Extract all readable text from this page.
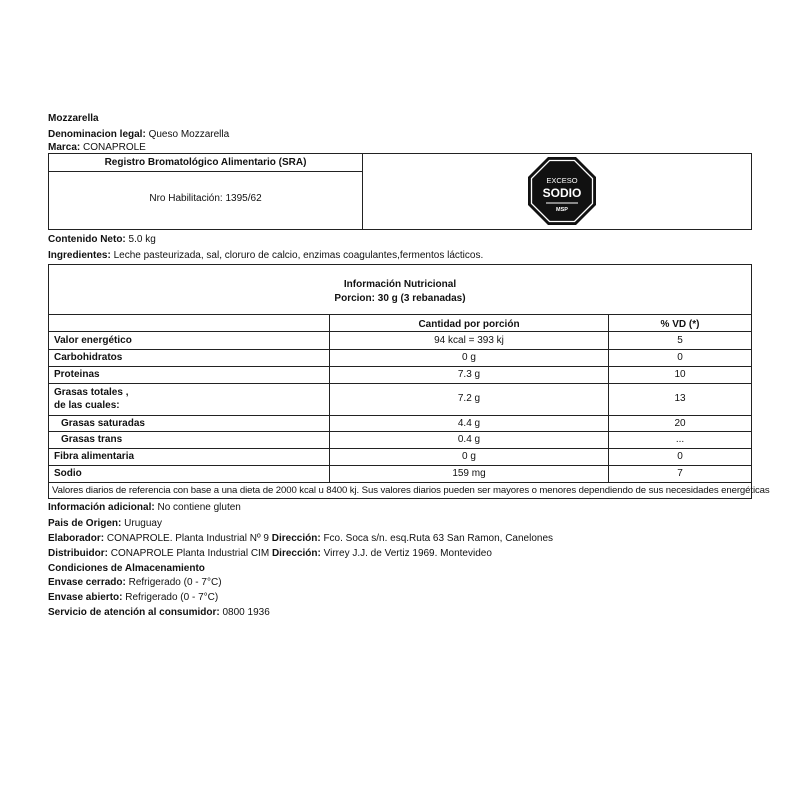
Mozzarella
Denominacion legal: Queso Mozzarella
Marca: CONAPROLE
Registro Bromatológico Alimentario (SRA)
Nro Habilitación: 1395/62
EXCESO
SODIO
MSP
Contenido Neto: 5.0 kg
Ingredientes: Leche pasteurizada, sal, cloruro de calcio, enzimas coagulantes,fermentos lácticos.
Información Nutricional
Porcion: 30 g (3 rebanadas)
Cantidad por porción	% VD (*)
Valor energético	94 kcal = 393 kj	5
Carbohidratos	0 g	0
Proteinas	7.3 g	10
Grasas totales ,
de las cuales:
7.2 g	13
Grasas saturadas	4.4 g	20
Grasas trans	0.4 g	...
Fibra alimentaria	0 g	0
Sodio	159 mg	7
Valores diarios de referencia con base a una dieta de 2000 kcal u 8400 kj. Sus valores diarios pueden ser mayores o menores dependiendo de sus necesidades energéticas
Información adicional: No contiene gluten
Pais de Origen: Uruguay
Elaborador: CONAPROLE. Planta Industrial Nº 9 Dirección: Fco. Soca s/n. esq.Ruta 63 San Ramon, Canelones
Distribuidor: CONAPROLE Planta Industrial CIM Dirección: Virrey J.J. de Vertiz 1969. Montevideo
Condiciones de Almacenamiento
Envase cerrado: Refrigerado (0 - 7°C)
Envase abierto: Refrigerado (0 - 7°C)
Servicio de atención al consumidor: 0800 1936
